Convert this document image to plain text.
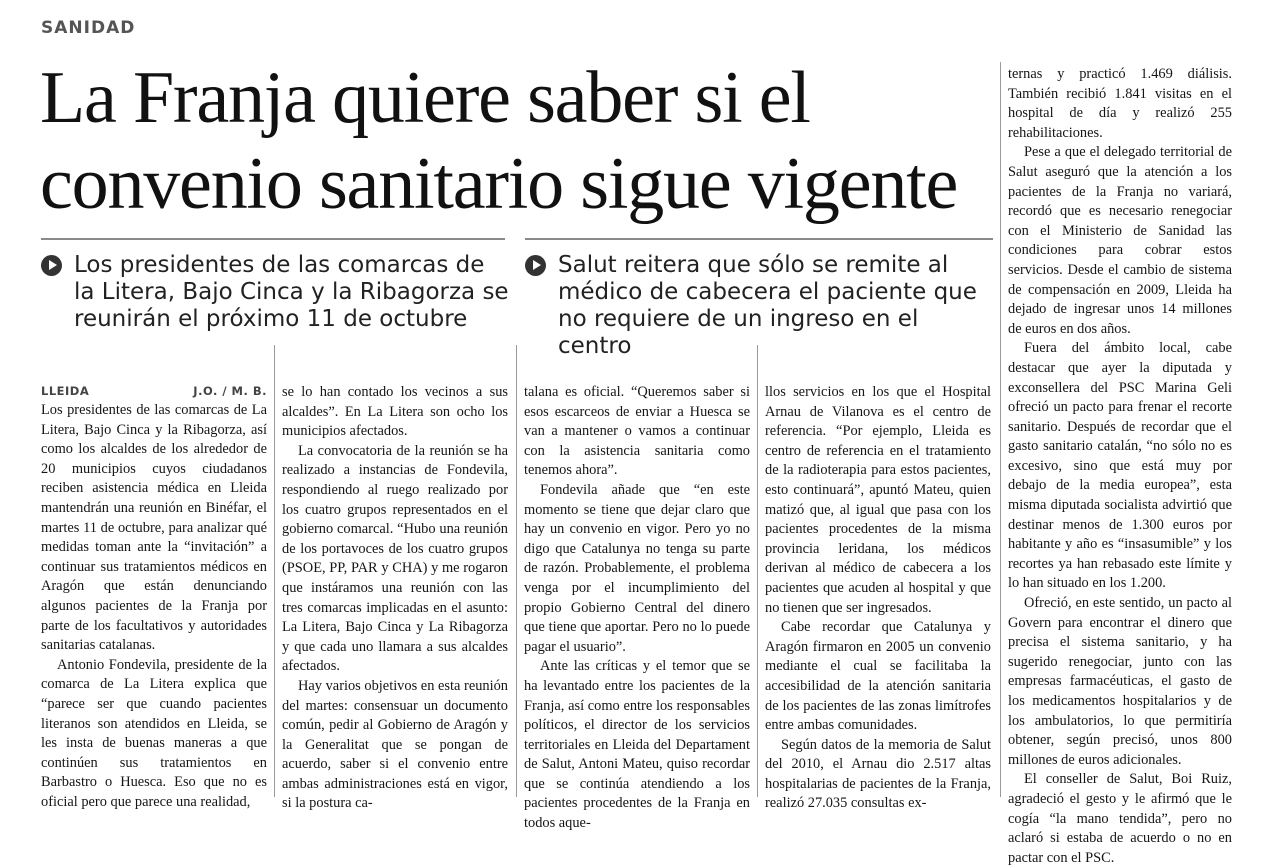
SANIDAD
La Franja quiere saber si el convenio sanitario sigue vigente
Los presidentes de las comarcas de la Litera, Bajo Cinca y la Ribagorza se reunirán el próximo 11 de octubre
Salut reitera que sólo se remite al médico de cabecera el paciente que no requiere de un ingreso en el centro
LLEIDA	J.O. / M. B.

Los presidentes de las comarcas de La Litera, Bajo Cinca y la Ribagorza, así como los alcaldes de los alrededor de 20 municipios cuyos ciudadanos reciben asistencia médica en Lleida mantendrán una reunión en Binéfar, el martes 11 de octubre, para analizar qué medidas toman ante la “invitación” a continuar sus tratamientos médicos en Aragón que están denunciando algunos pacientes de la Franja por parte de los facultativos y autoridades sanitarias catalanas.

Antonio Fondevila, presidente de la comarca de La Litera explica que “parece ser que cuando pacientes literanos son atendidos en Lleida, se les insta de buenas maneras a que continúen sus tratamientos en Barbastro o Huesca. Eso que no es oficial pero que parece una realidad,

se lo han contado los vecinos a sus alcaldes”. En La Litera son ocho los municipios afectados.

La convocatoria de la reunión se ha realizado a instancias de Fondevila, respondiendo al ruego realizado por los cuatro grupos representados en el gobierno comarcal. “Hubo una reunión de los portavoces de los cuatro grupos (PSOE, PP, PAR y CHA) y me rogaron que instáramos una reunión con las tres comarcas implicadas en el asunto: La Litera, Bajo Cinca y La Ribagorza y que cada uno llamara a sus alcaldes afectados.

Hay varios objetivos en esta reunión del martes: consensuar un documento común, pedir al Gobierno de Aragón y la Generalitat que se pongan de acuerdo, saber si el convenio entre ambas administraciones está en vigor, si la postura ca-

talana es oficial. “Queremos saber si esos escarceos de enviar a Huesca se van a mantener o vamos a continuar con la asistencia sanitaria como tenemos ahora”.

Fondevila añade que “en este momento se tiene que dejar claro que hay un convenio en vigor. Pero yo no digo que Catalunya no tenga su parte de razón. Probablemente, el problema venga por el incumplimiento del propio Gobierno Central del dinero que tiene que aportar. Pero no lo puede pagar el usuario”.

Ante las críticas y el temor que se ha levantado entre los pacientes de la Franja, así como entre los responsables políticos, el director de los servicios territoriales en Lleida del Departament de Salut, Antoni Mateu, quiso recordar que se continúa atendiendo a los pacientes procedentes de la Franja en todos aque-

llos servicios en los que el Hospital Arnau de Vilanova es el centro de referencia. “Por ejemplo, Lleida es centro de referencia en el tratamiento de la radioterapia para estos pacientes, esto continuará”, apuntó Mateu, quien matizó que, al igual que pasa con los pacientes procedentes de la misma provincia leridana, los médicos derivan al médico de cabecera a los pacientes que acuden al hospital y que no tienen que ser ingresados.

Cabe recordar que Catalunya y Aragón firmaron en 2005 un convenio mediante el cual se facilitaba la accesibilidad de la atención sanitaria de los pacientes de las zonas limítrofes entre ambas comunidades.

Según datos de la memoria de Salut del 2010, el Arnau dio 2.517 altas hospitalarias de pacientes de la Franja, realizó 27.035 consultas ex-

ternas y practicó 1.469 diálisis. También recibió 1.841 visitas en el hospital de día y realizó 255 rehabilitaciones.

Pese a que el delegado territorial de Salut aseguró que la atención a los pacientes de la Franja no variará, recordó que es necesario renegociar con el Ministerio de Sanidad las condiciones para cobrar estos servicios. Desde el cambio de sistema de compensación en 2009, Lleida ha dejado de ingresar unos 14 millones de euros en dos años.

Fuera del ámbito local, cabe destacar que ayer la diputada y exconsellera del PSC Marina Geli ofreció un pacto para frenar el recorte sanitario. Después de recordar que el gasto sanitario catalán, “no sólo no es excesivo, sino que está muy por debajo de la media europea”, esta misma diputada socialista advirtió que destinar menos de 1.300 euros por habitante y año es “insasumible” y los recortes ya han rebasado este límite y lo han situado en los 1.200.

Ofreció, en este sentido, un pacto al Govern para encontrar el dinero que precisa el sistema sanitario, y ha sugerido renegociar, junto con las empresas farmacéuticas, el gasto de los medicamentos hospitalarios y de los ambulatorios, lo que permitiría obtener, según precisó, unos 800 millones de euros adicionales.

El conseller de Salut, Boi Ruiz, agradeció el gesto y le afirmó que le cogía “la mano tendida”, pero no aclaró si estaba de acuerdo o no en pactar con el PSC.
